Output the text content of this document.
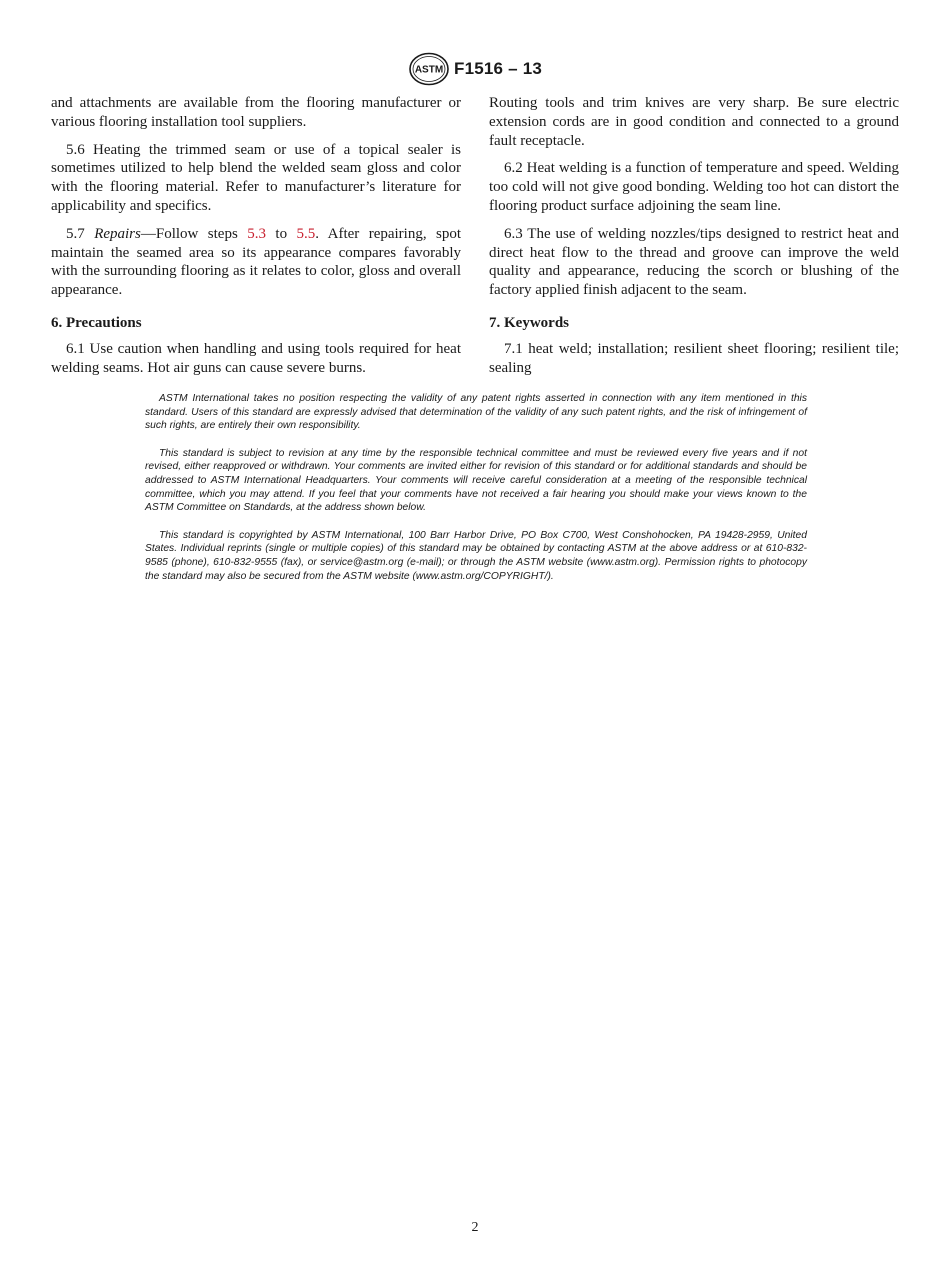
ASTM F1516 – 13

and attachments are available from the flooring manufacturer or various flooring installation tool suppliers.

5.6 Heating the trimmed seam or use of a topical sealer is sometimes utilized to help blend the welded seam gloss and color with the flooring material. Refer to manufacturer’s literature for applicability and specifics.

5.7 Repairs—Follow steps 5.3 to 5.5. After repairing, spot maintain the seamed area so its appearance compares favorably with the surrounding flooring as it relates to color, gloss and overall appearance.

6. Precautions

6.1 Use caution when handling and using tools required for heat welding seams. Hot air guns can cause severe burns.

Routing tools and trim knives are very sharp. Be sure electric extension cords are in good condition and connected to a ground fault receptacle.

6.2 Heat welding is a function of temperature and speed. Welding too cold will not give good bonding. Welding too hot can distort the flooring product surface adjoining the seam line.

6.3 The use of welding nozzles/tips designed to restrict heat and direct heat flow to the thread and groove can improve the weld quality and appearance, reducing the scorch or blushing of the factory applied finish adjacent to the seam.

7. Keywords

7.1 heat weld; installation; resilient sheet flooring; resilient tile; sealing

ASTM International takes no position respecting the validity of any patent rights asserted in connection with any item mentioned in this standard. Users of this standard are expressly advised that determination of the validity of any such patent rights, and the risk of infringement of such rights, are entirely their own responsibility.

This standard is subject to revision at any time by the responsible technical committee and must be reviewed every five years and if not revised, either reapproved or withdrawn. Your comments are invited either for revision of this standard or for additional standards and should be addressed to ASTM International Headquarters. Your comments will receive careful consideration at a meeting of the responsible technical committee, which you may attend. If you feel that your comments have not received a fair hearing you should make your views known to the ASTM Committee on Standards, at the address shown below.

This standard is copyrighted by ASTM International, 100 Barr Harbor Drive, PO Box C700, West Conshohocken, PA 19428-2959, United States. Individual reprints (single or multiple copies) of this standard may be obtained by contacting ASTM at the above address or at 610-832-9585 (phone), 610-832-9555 (fax), or service@astm.org (e-mail); or through the ASTM website (www.astm.org). Permission rights to photocopy the standard may also be secured from the ASTM website (www.astm.org/COPYRIGHT/).

2
